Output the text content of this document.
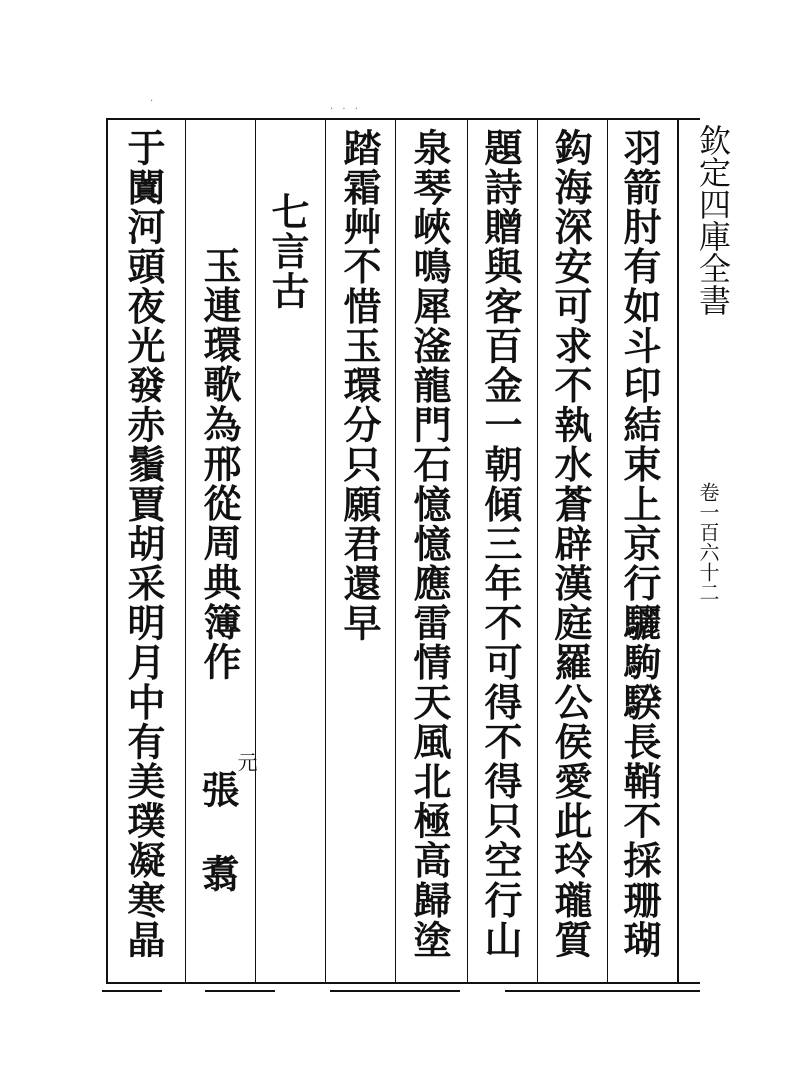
欽定四庫全書
卷一百六十二
羽箭肘有如斗印結束上京行驪駒騤長鞘不採珊瑚
鈎海深安可求不執水蒼辟漢庭羅公侯愛此玲瓏質
題詩贈與客百金一朝傾三年不可得不得只空行山
泉琴峽鳴犀滏龍門石憶憶應雷情天風北極高歸塗
踏霜艸不惜玉環分只願君還早
七言古
玉連環歌為邢從周典簿作
元
張　翥
于闐河頭夜光發赤鬚賈胡采明月中有美璞凝寒晶
·
· · ·
